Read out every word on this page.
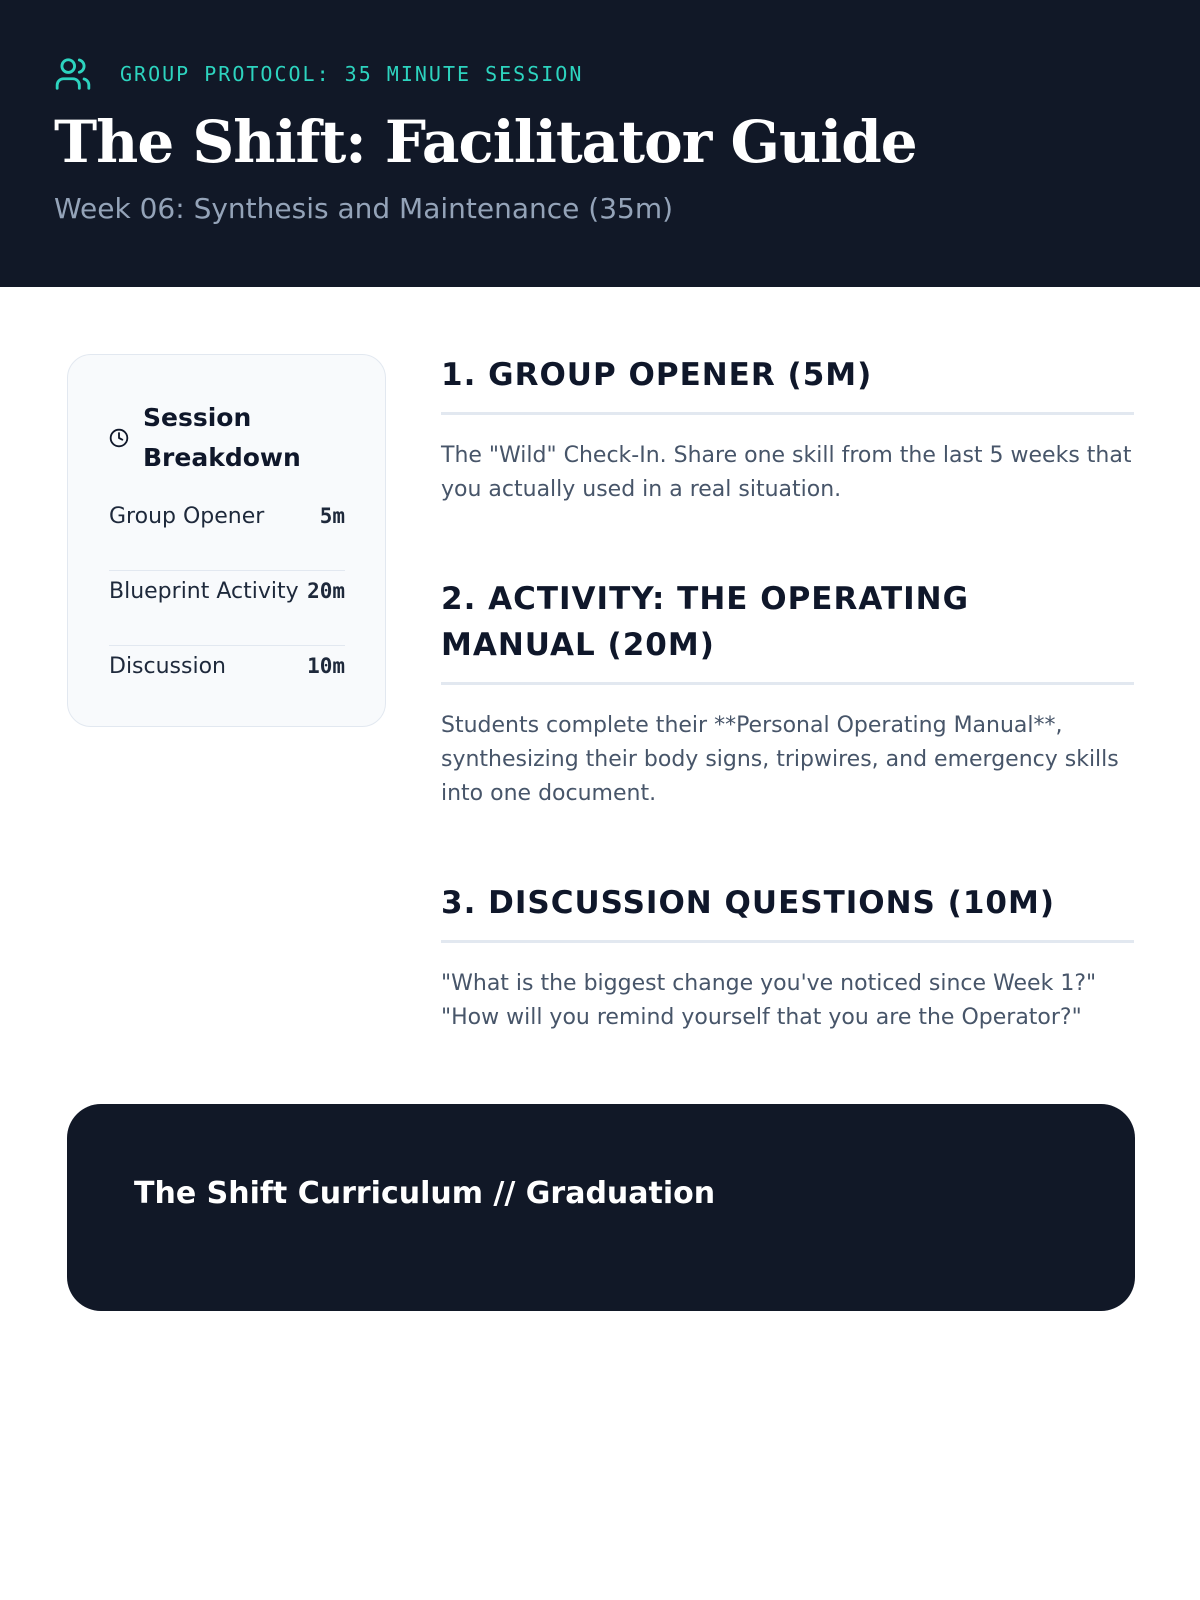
GROUP PROTOCOL: 35 MINUTE SESSION
The Shift: Facilitator Guide
Week 06: Synthesis and Maintenance (35m)
Session Breakdown
Group Opener	5m
Blueprint Activity 20m
Discussion	10m
1. GROUP OPENER (5M)

The "Wild" Check-In. Share one skill from the last 5 weeks that you actually used in a real situation.

2. ACTIVITY: THE OPERATING MANUAL (20M)

Students complete their **Personal Operating Manual**, synthesizing their body signs, tripwires, and emergency skills into one document.

3. DISCUSSION QUESTIONS (10M)

"What is the biggest change you've noticed since Week 1?"
"How will you remind yourself that you are the Operator?"

The Shift Curriculum // Graduation
